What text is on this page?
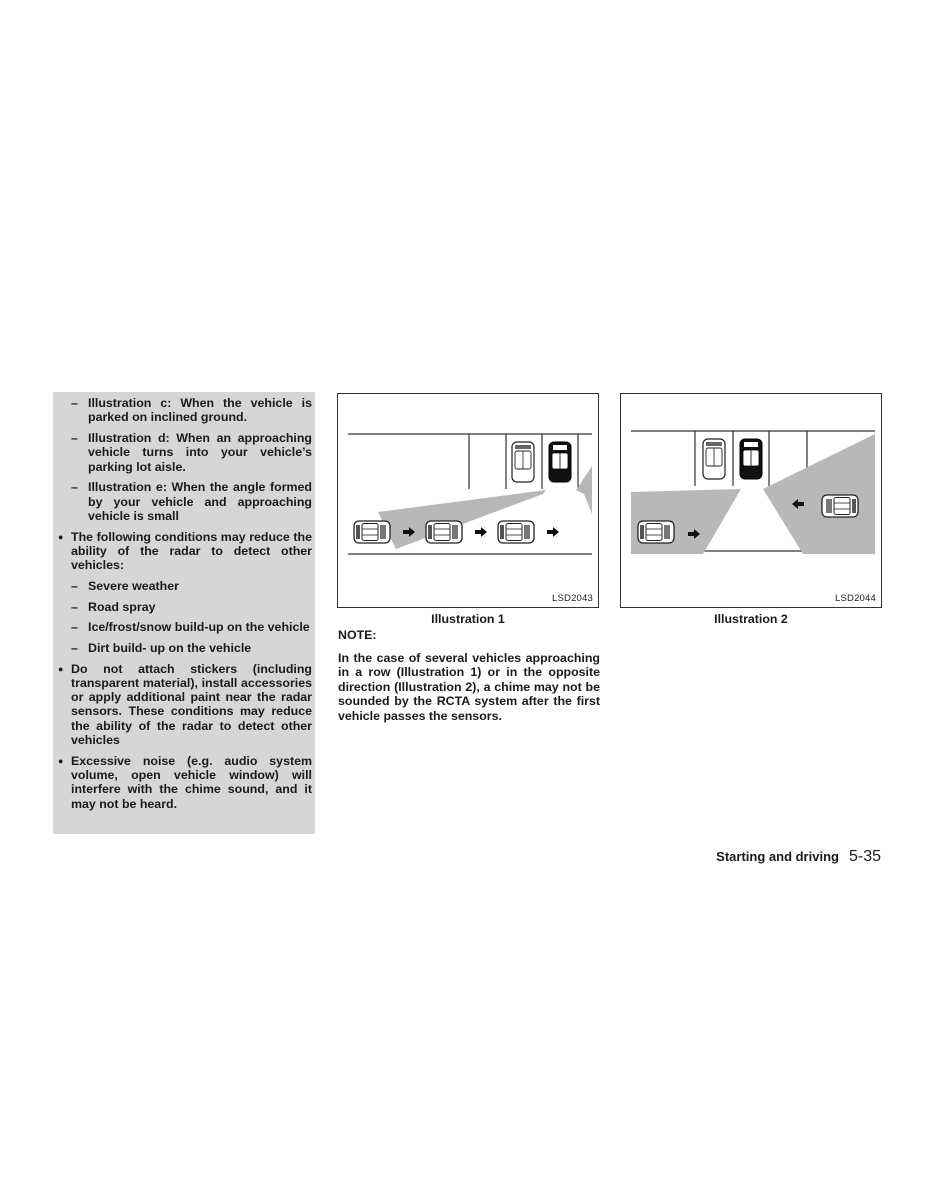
– Illustration c: When the vehicle is parked on inclined ground.
– Illustration d: When an approaching vehicle turns into your vehicle’s parking lot aisle.
– Illustration e: When the angle formed by your vehicle and approaching vehicle is small
● The following conditions may reduce the ability of the radar to detect other vehicles:
– Severe weather
– Road spray
– Ice/frost/snow build-up on the vehicle
– Dirt build- up on the vehicle
● Do not attach stickers (including transparent material), install accessories or apply additional paint near the radar sensors. These conditions may reduce the ability of the radar to detect other vehicles
● Excessive noise (e.g. audio system volume, open vehicle window) will interfere with the chime sound, and it may not be heard.
LSD2043
Illustration 1
LSD2044
Illustration 2
NOTE:

In the case of several vehicles approaching in a row (Illustration 1) or in the opposite direction (Illustration 2), a chime may not be sounded by the RCTA system after the first vehicle passes the sensors.

Starting and driving 5-35
